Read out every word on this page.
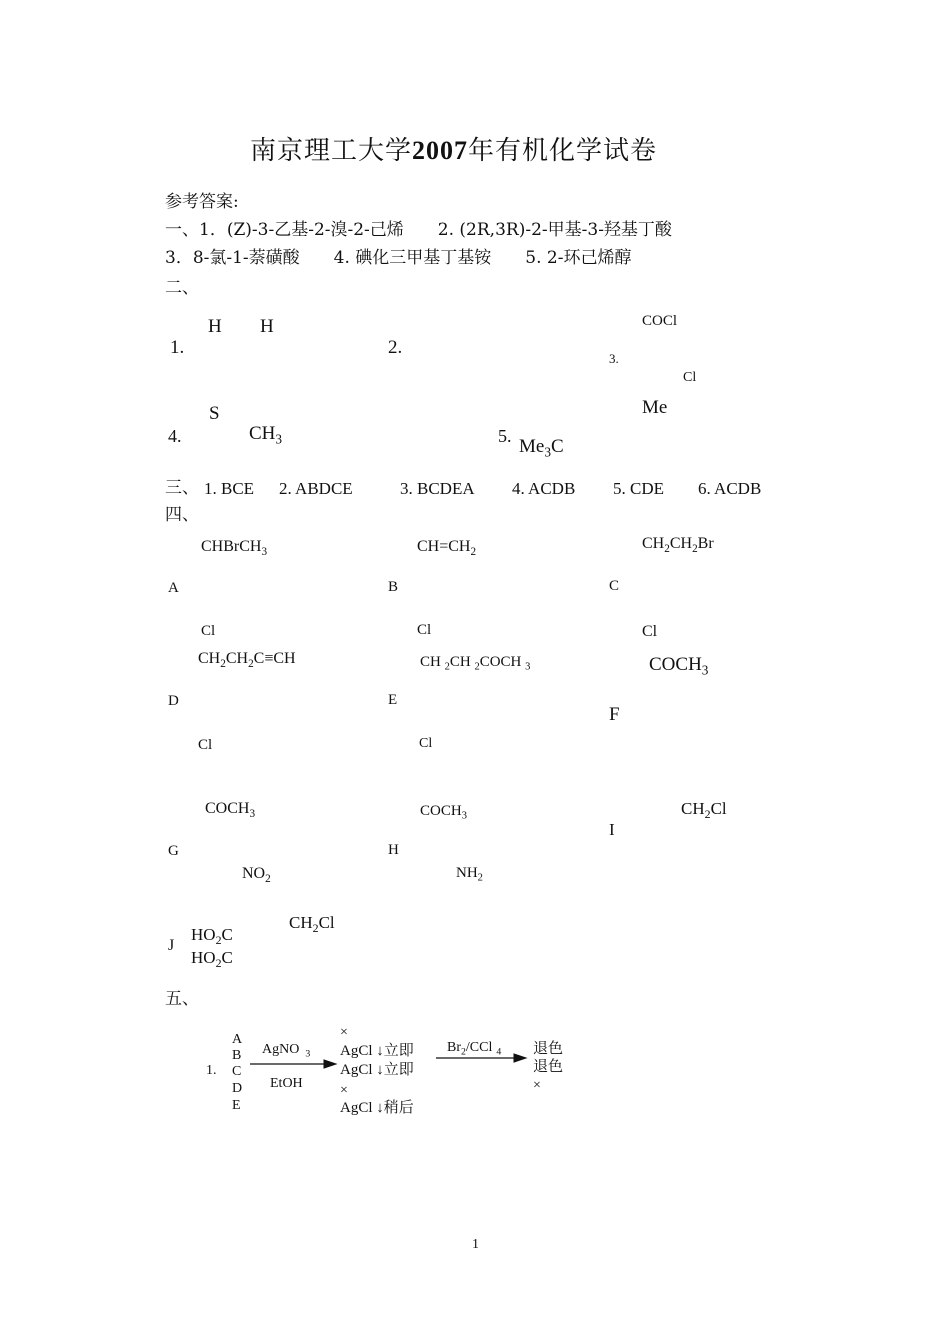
南京理工大学2007年有机化学试卷
参考答案:
一、1．(Z)-3-乙基-2-溴-2-己烯　　2. (2R,3R)-2-甲基-3-羟基丁酸
3．8-氯-1-萘磺酸　　4. 碘化三甲基丁基铵　　5. 2-环己烯醇
二、
1.
H H
2.
COCl
3.
Cl
S
4.	$CH_3$
Me
5. $Me_3C$
三、 1. BCE 2. ABDCE	3. BCDEA 4. ACDB 5. CDE 6. ACDB
四、
CHBrCH$_3$
A
$CH=CH_2$
B
$CH_2CH_2Br$
C
Cl
$CH_2CH_2C\equiv CH$
D
Cl
Cl
CH $_2$CH $_2$COCH $_3$
E
Cl
Cl
$COCH_3$
F
$COCH_3$
G
$NO_2$
$COCH_3$
H
$NH_2$
$CH_2Cl$
I
$CH_2Cl$
J
$HO_2C$
$HO_2C$
五、
1.
A
B
C
D
E
AgNO $_3$
EtOH
×
AgCl ↓立即
AgCl ↓立即
×
AgCl ↓稍后
$Br_2$/CCl $_4$ 退色
退色
×
1
